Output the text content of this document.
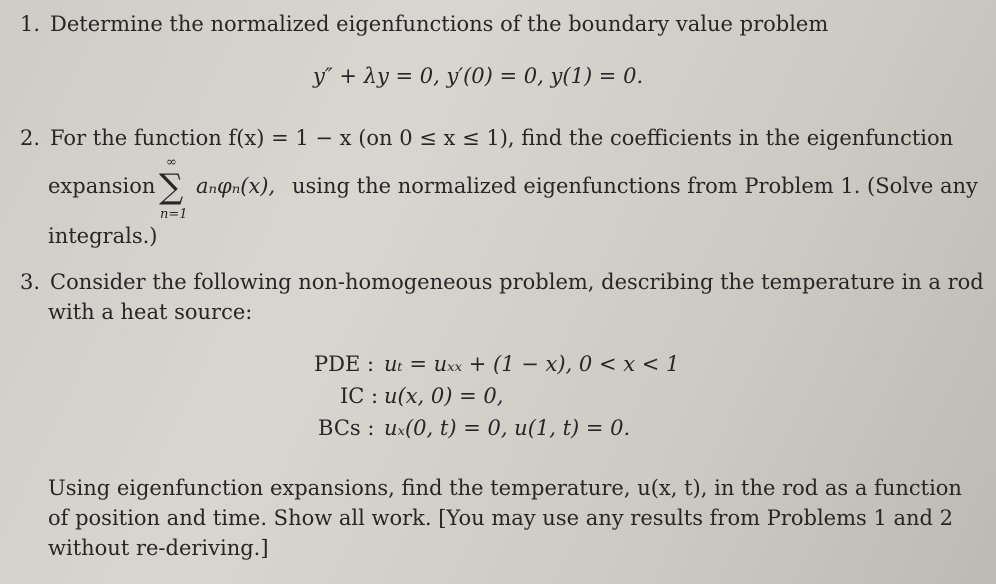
1. Determine the normalized eigenfunctions of the boundary value problem
y″ + λy = 0, y′(0) = 0, y(1) = 0.
2. For the function f(x) = 1 − x (on 0 ≤ x ≤ 1), find the coefficients in the eigenfunction
expansion
∞
∑
n=1
aₙφₙ(x), using the normalized eigenfunctions from Problem 1. (Solve any
integrals.)
3. Consider the following non-homogeneous problem, describing the temperature in a rod
with a heat source:
PDE : uₜ = uₓₓ + (1 − x), 0 < x < 1
IC : u(x, 0) = 0,
BCs : uₓ(0, t) = 0, u(1, t) = 0.
Using eigenfunction expansions, find the temperature, u(x, t), in the rod as a function
of position and time. Show all work. [You may use any results from Problems 1 and 2
without re-deriving.]
